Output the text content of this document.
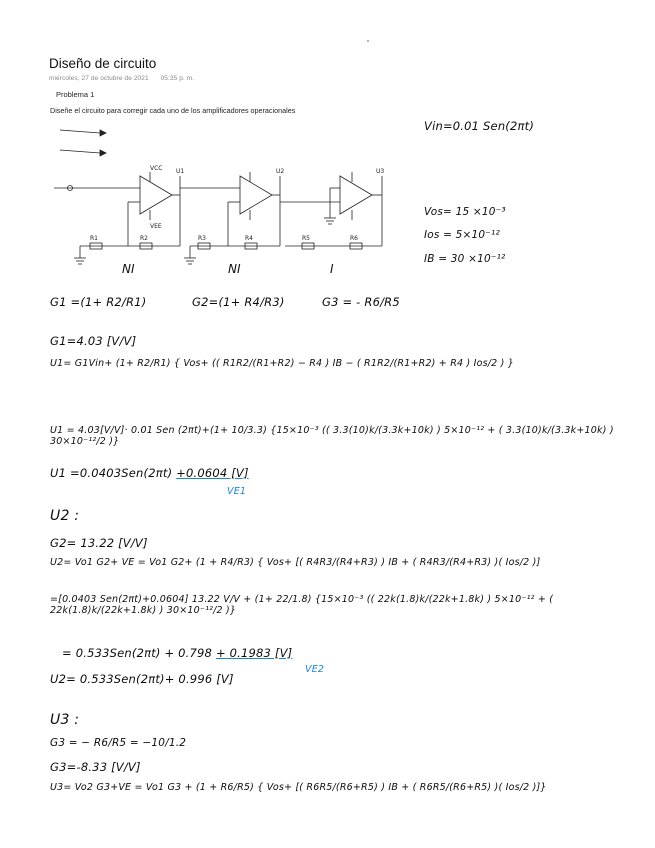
Diseño de circuito
miércoles, 27 de octubre de 2021 05:35 p. m.
Problema 1
Diseñe el circuito para corregir cada uno de los amplificadores operacionales
VCC
VEE
U1	U2	U3
R1	R2	R3	R4	R5	R6
NI	NI	I
Vin=0.01 Sen(2πt)
Vos= 15 ×10⁻³
Ios = 5×10⁻¹²
IB = 30 ×10⁻¹²
G1 =(1+ R2/R1)	G2=(1+ R4/R3)	G3 = - R6/R5
G1=4.03 [V/V]
U1= G1Vin+ (1+ R2/R1) { Vos+ (( R1R2/(R1+R2) − R4 ) IB − ( R1R2/(R1+R2) + R4 ) Ios/2 ) }
U1 = 4.03[V/V]· 0.01 Sen (2πt)+(1+ 10/3.3) {15×10⁻³ (( 3.3(10)k/(3.3k+10k) ) 5×10⁻¹² + ( 3.3(10)k/(3.3k+10k) ) 30×10⁻¹²/2 )}
U1 =0.0403Sen(2πt) +0.0604 [V]
VE1
U2 :
G2= 13.22 [V/V]
U2= Vo1 G2+ VE = Vo1 G2+ (1 + R4/R3) { Vos+ [( R4R3/(R4+R3) ) IB + ( R4R3/(R4+R3) )( Ios/2 )]
=[0.0403 Sen(2πt)+0.0604] 13.22 V/V + (1+ 22/1.8) {15×10⁻³ (( 22k(1.8)k/(22k+1.8k) ) 5×10⁻¹² + ( 22k(1.8)k/(22k+1.8k) ) 30×10⁻¹²/2 )}
= 0.533Sen(2πt) + 0.798 + 0.1983 [V]
VE2
U2= 0.533Sen(2πt)+ 0.996 [V]
U3 :
G3 = − R6/R5 = −10/1.2
G3=-8.33 [V/V]
U3= Vo2 G3+VE = Vo1 G3 + (1 + R6/R5) { Vos+ [( R6R5/(R6+R5) ) IB + ( R6R5/(R6+R5) )( Ios/2 )]}
